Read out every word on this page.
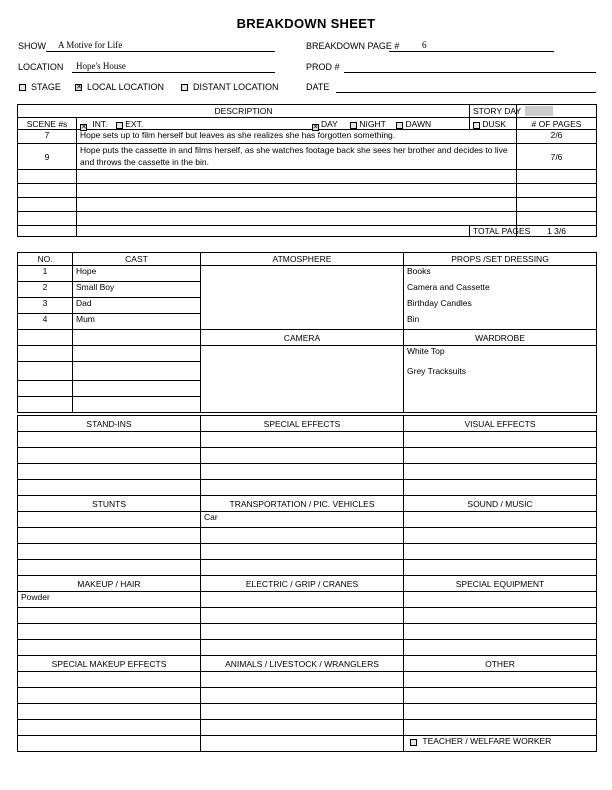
BREAKDOWN SHEET
SHOW A Motive for Life	BREAKDOWN PAGE #	6
LOCATION Hope's House	PROD #
STAGE ✕	LOCAL LOCATION	DISTANT LOCATION	DATE
DESCRIPTION		STORY DAY	

SCENE #s	✕INT. EXT. ✕ DAY NIGHT DAWN	DUSK	# OF PAGES
7	Hope sets up to film herself but leaves as she realizes she has forgotten something.		2/6
9	Hope puts the cassette in and films herself, as she watches footage back she sees her brother and decides to live and throws the cassette in the bin.		7/6

		TOTAL PAGES	1 3/6
NO.	CAST	ATMOSPHERE	PROPS /SET DRESSING
1	Hope		Books
2	Small Boy		Camera and Cassette
3	Dad		Birthday Candles
4	Mum		Bin
		CAMERA	WARDROBE
			White Top
			Grey Tracksuits

STAND-INS	SPECIAL EFFECTS	VISUAL EFFECTS

STUNTS	TRANSPORTATION / PIC. VEHICLES	SOUND / MUSIC
	Car	

MAKEUP / HAIR	ELECTRIC / GRIP / CRANES	SPECIAL EQUIPMENT
Powder		

SPECIAL MAKEUP EFFECTS	ANIMALS / LIVESTOCK / WRANGLERS	OTHER

		TEACHER / WELFARE WORKER
